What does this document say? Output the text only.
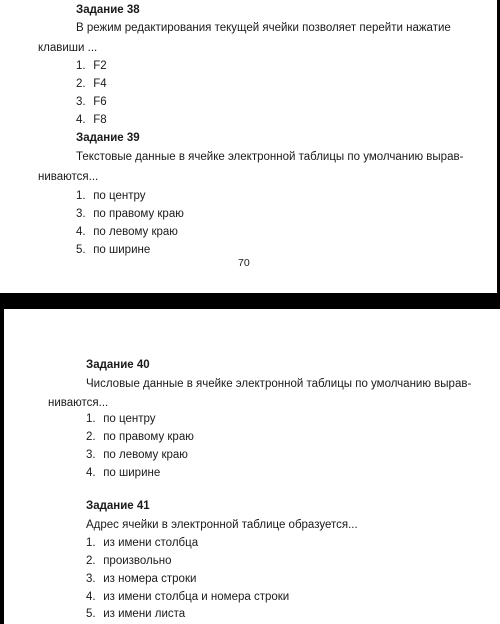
Задание 38
В режим редактирования текущей ячейки позволяет перейти нажатие
клавиши ...
1. F2
2. F4
3. F6
4. F8
Задание 39
Текстовые данные в ячейке электронной таблицы по умолчанию вырав-
ниваются...
1. по центру
3. по правому краю
4. по левому краю
5. по ширине
70
Задание 40
Числовые данные в ячейке электронной таблицы по умолчанию вырав-
ниваются...
1. по центру
2. по правому краю
3. по левому краю
4. по ширине
Задание 41
Адрес ячейки в электронной таблице образуется...
1. из имени столбца
2. произвольно
3. из номера строки
4. из имени столбца и номера строки
5. из имени листа
